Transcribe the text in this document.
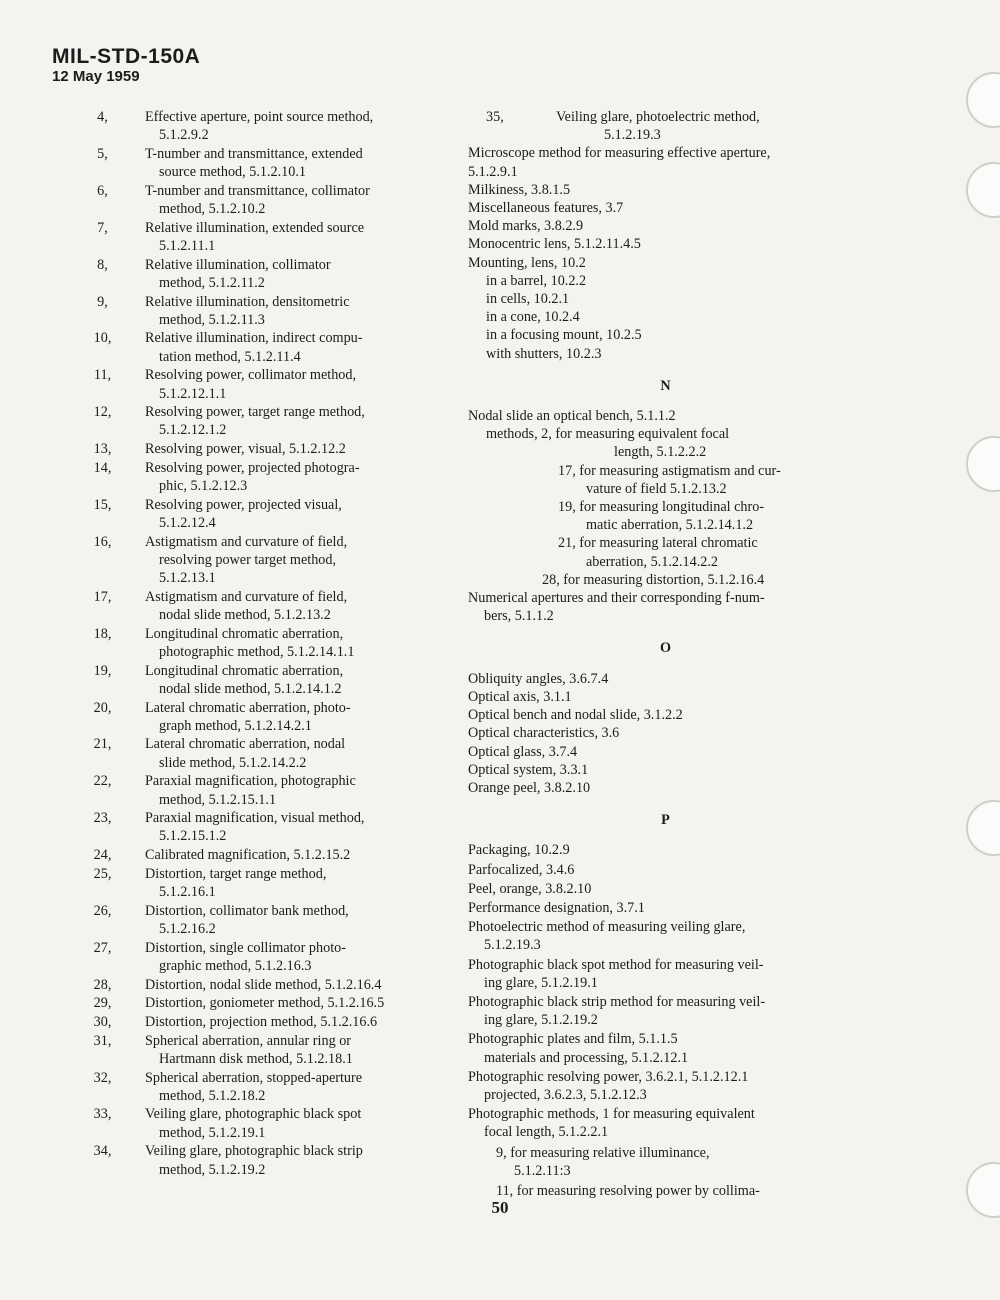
MIL-STD-150A
12 May 1959
4,	Effective aperture, point source method,
5.1.2.9.2
5,	T-number and transmittance, extended
source method, 5.1.2.10.1
6,	T-number and transmittance, collimator
method, 5.1.2.10.2
7,	Relative illumination, extended source
5.1.2.11.1
8,	Relative illumination, collimator
method, 5.1.2.11.2
9,	Relative illumination, densitometric
method, 5.1.2.11.3
10,	Relative illumination, indirect compu-
tation method, 5.1.2.11.4
11,	Resolving power, collimator method,
5.1.2.12.1.1
12,	Resolving power, target range method,
5.1.2.12.1.2
13,	Resolving power, visual, 5.1.2.12.2
14,	Resolving power, projected photogra-
phic, 5.1.2.12.3
15,	Resolving power, projected visual,
5.1.2.12.4
16,	Astigmatism and curvature of field,
resolving power target method,
5.1.2.13.1
17,	Astigmatism and curvature of field,
nodal slide method, 5.1.2.13.2
18,	Longitudinal chromatic aberration,
photographic method, 5.1.2.14.1.1
19,	Longitudinal chromatic aberration,
nodal slide method, 5.1.2.14.1.2
20,	Lateral chromatic aberration, photo-
graph method, 5.1.2.14.2.1
21,	Lateral chromatic aberration, nodal
slide method, 5.1.2.14.2.2
22,	Paraxial magnification, photographic
method, 5.1.2.15.1.1
23,	Paraxial magnification, visual method,
5.1.2.15.1.2
24,	Calibrated magnification, 5.1.2.15.2
25,	Distortion, target range method,
5.1.2.16.1
26,	Distortion, collimator bank method,
5.1.2.16.2
27,	Distortion, single collimator photo-
graphic method, 5.1.2.16.3
28,	Distortion, nodal slide method, 5.1.2.16.4
29,	Distortion, goniometer method, 5.1.2.16.5
30,	Distortion, projection method, 5.1.2.16.6
31,	Spherical aberration, annular ring or
Hartmann disk method, 5.1.2.18.1
32,	Spherical aberration, stopped-aperture
method, 5.1.2.18.2
33,	Veiling glare, photographic black spot
method, 5.1.2.19.1
34,	Veiling glare, photographic black strip
method, 5.1.2.19.2
35,	Veiling glare, photoelectric method,
5.1.2.19.3
Microscope method for measuring effective aperture,
5.1.2.9.1
Milkiness, 3.8.1.5
Miscellaneous features, 3.7
Mold marks, 3.8.2.9
Monocentric lens, 5.1.2.11.4.5
Mounting, lens, 10.2
in a barrel, 10.2.2
in cells, 10.2.1
in a cone, 10.2.4
in a focusing mount, 10.2.5
with shutters, 10.2.3
N
Nodal slide an optical bench, 5.1.1.2
methods, 2, for measuring equivalent focal
length, 5.1.2.2.2
17, for measuring astigmatism and cur-
vature of field 5.1.2.13.2
19, for measuring longitudinal chro-
matic aberration, 5.1.2.14.1.2
21, for measuring lateral chromatic
aberration, 5.1.2.14.2.2
28, for measuring distortion, 5.1.2.16.4
Numerical apertures and their corresponding f-num-
bers, 5.1.1.2
O
Obliquity angles, 3.6.7.4
Optical axis, 3.1.1
Optical bench and nodal slide, 3.1.2.2
Optical characteristics, 3.6
Optical glass, 3.7.4
Optical system, 3.3.1
Orange peel, 3.8.2.10
P
Packaging, 10.2.9
Parfocalized, 3.4.6
Peel, orange, 3.8.2.10
Performance designation, 3.7.1
Photoelectric method of measuring veiling glare,
5.1.2.19.3
Photographic black spot method for measuring veil-
ing glare, 5.1.2.19.1
Photographic black strip method for measuring veil-
ing glare, 5.1.2.19.2
Photographic plates and film, 5.1.1.5
materials and processing, 5.1.2.12.1
Photographic resolving power, 3.6.2.1, 5.1.2.12.1
projected, 3.6.2.3, 5.1.2.12.3
Photographic methods, 1 for measuring equivalent
focal length, 5.1.2.2.1
9, for measuring relative illuminance,
5.1.2.11:3
11, for measuring resolving power by collima-
50
